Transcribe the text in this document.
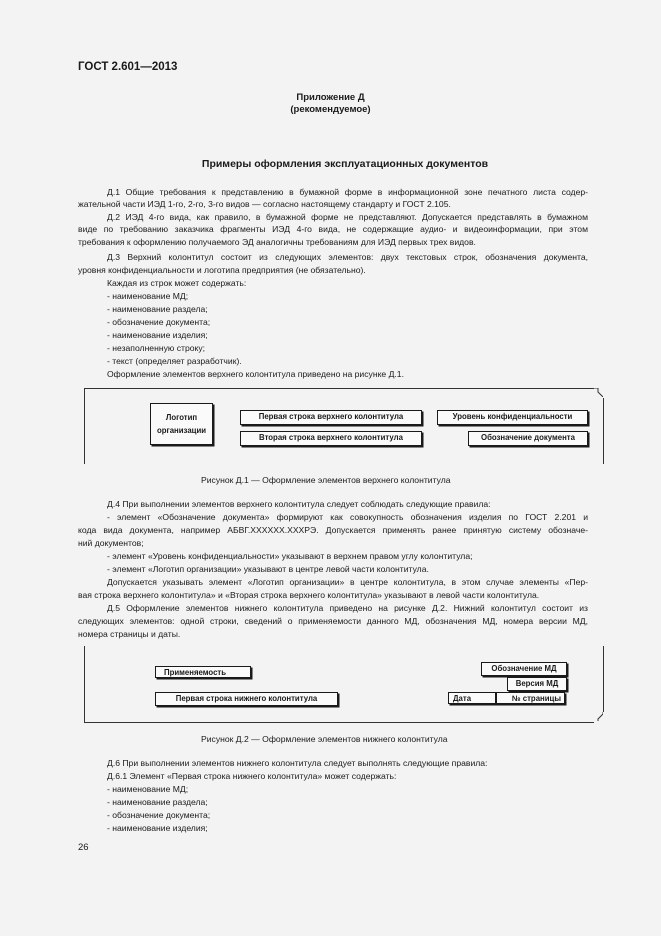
ГОСТ 2.601—2013
Приложение Д
(рекомендуемое)
Примеры оформления эксплуатационных документов
Д.1 Общие требования к представлению в бумажной форме в информационной зоне печатного листа содер-
жательной части ИЭД 1-го, 2-го, 3-го видов — согласно настоящему стандарту и ГОСТ 2.105.
Д.2 ИЭД 4-го вида, как правило, в бумажной форме не представляют. Допускается представлять в бумажном
виде по требованию заказчика фрагменты ИЭД 4-го вида, не содержащие аудио- и видеоинформации, при этом
требования к оформлению получаемого ЭД аналогичны требованиям для ИЭД первых трех видов.
Д.3 Верхний колонтитул состоит из следующих элементов: двух текстовых строк, обозначения документа,
уровня конфиденциальности и логотипа предприятия (не обязательно).
Каждая из строк может содержать:
- наименование МД;
- наименование раздела;
- обозначение документа;
- наименование изделия;
- незаполненную строку;
- текст (определяет разработчик).
Оформление элементов верхнего колонтитула приведено на рисунке Д.1.
Логотип
организации
Первая строка верхнего колонтитула
Вторая строка верхнего колонтитула
Уровень конфиденциальности
Обозначение документа
Рисунок Д.1 — Оформление элементов верхнего колонтитула
Д.4 При выполнении элементов верхнего колонтитула следует соблюдать следующие правила:
- элемент «Обозначение документа» формируют как совокупность обозначения изделия по ГОСТ 2.201 и
кода вида документа, например АБВГ.XXXXXX.XXXРЭ. Допускается применять ранее принятую систему обозначе-
ний документов;
- элемент «Уровень конфиденциальности» указывают в верхнем правом углу колонтитула;
- элемент «Логотип организации» указывают в центре левой части колонтитула.
Допускается указывать элемент «Логотип организации» в центре колонтитула, в этом случае элементы «Пер-
вая строка верхнего колонтитула» и «Вторая строка верхнего колонтитула» указывают в левой части колонтитула.
Д.5 Оформление элементов нижнего колонтитула приведено на рисунке Д.2. Нижний колонтитул состоит из
следующих элементов: одной строки, сведений о применяемости данного МД, обозначения МД, номера версии МД,
номера страницы и даты.
Применяемость
Первая строка нижнего колонтитула
Обозначение МД
Версия МД
Дата	№ страницы
Рисунок Д.2 — Оформление элементов нижнего колонтитула
Д.6 При выполнении элементов нижнего колонтитула следует выполнять следующие правила:
Д.6.1 Элемент «Первая строка нижнего колонтитула» может содержать:
- наименование МД;
- наименование раздела;
- обозначение документа;
- наименование изделия;
26
